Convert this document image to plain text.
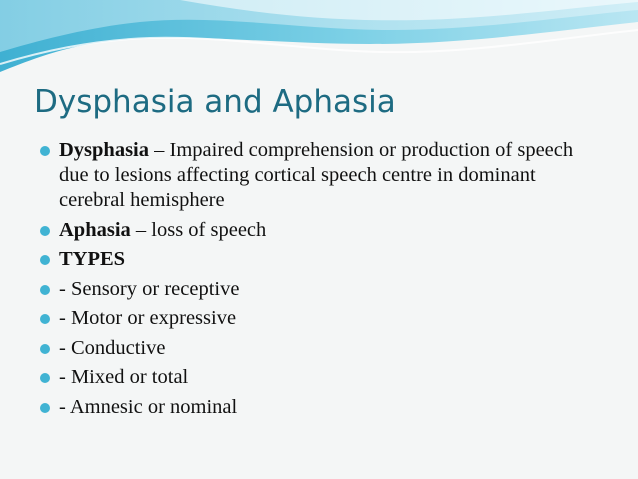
Dysphasia and Aphasia
Dysphasia – Impaired comprehension or production of speech due to lesions affecting cortical speech centre in dominant cerebral hemisphere
Aphasia – loss of speech
TYPES
- Sensory or receptive
- Motor or expressive
- Conductive
- Mixed or total
- Amnesic or nominal
